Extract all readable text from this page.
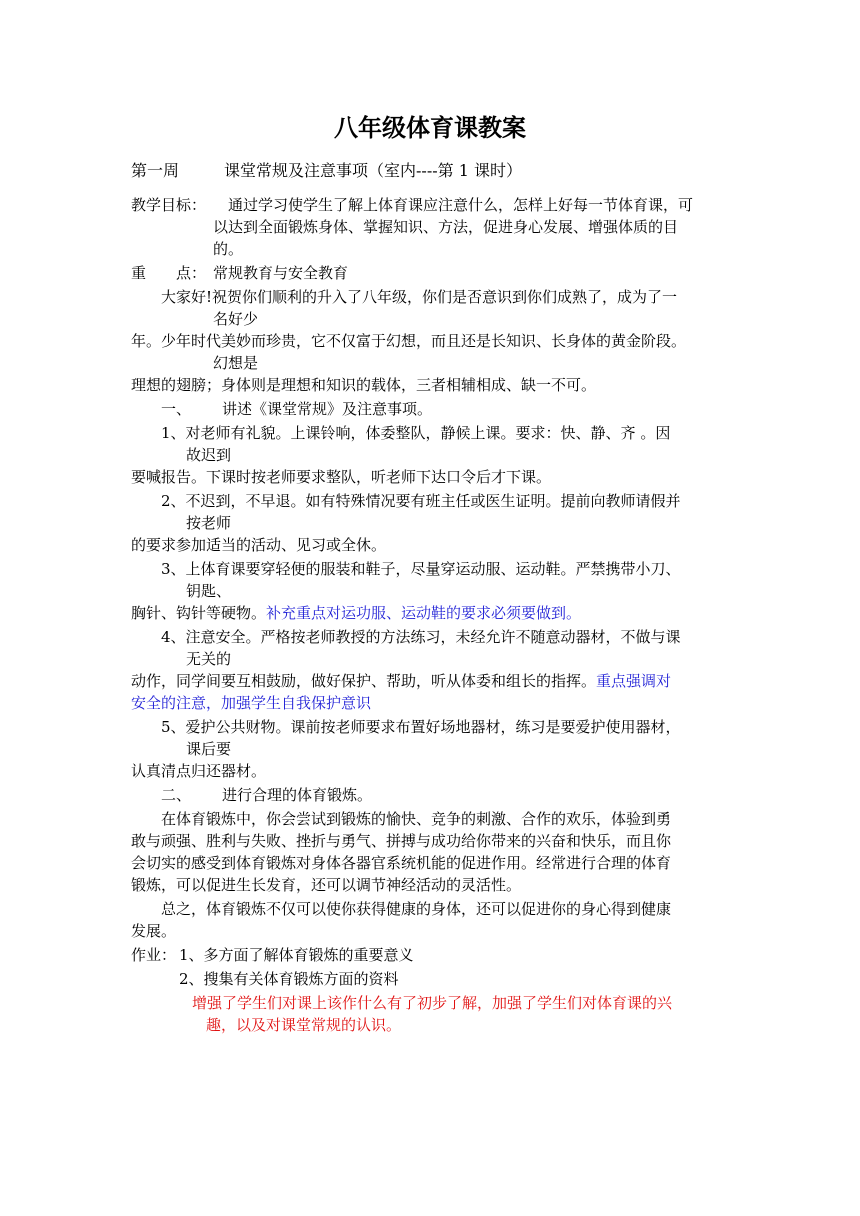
八年级体育课教案
第一周	课堂常规及注意事项（室内----第 1 课时）
教学目标： 通过学习使学生了解上体育课应注意什么，怎样上好每一节体育课，可
以达到全面锻炼身体、掌握知识、方法，促进身心发展、增强体质的目
的。
重　　点： 常规教育与安全教育
大家好!祝贺你们顺利的升入了八年级，你们是否意识到你们成熟了，成为了一
名好少
年。少年时代美妙而珍贵，它不仅富于幻想，而且还是长知识、长身体的黄金阶段。
幻想是
理想的翅膀；身体则是理想和知识的载体，三者相辅相成、缺一不可。
一、 讲述《课堂常规》及注意事项。
1、对老师有礼貌。上课铃响，体委整队，静候上课。要求：快、静、齐 。因
故迟到
要喊报告。下课时按老师要求整队，听老师下达口令后才下课。
2、不迟到，不早退。如有特殊情况要有班主任或医生证明。提前向教师请假并
按老师
的要求参加适当的活动、见习或全休。
3、上体育课要穿轻便的服装和鞋子，尽量穿运动服、运动鞋。严禁携带小刀、
钥匙、
胸针、钩针等硬物。补充重点对运功服、运动鞋的要求必须要做到。
4、注意安全。严格按老师教授的方法练习，未经允许不随意动器材，不做与课
无关的
动作，同学间要互相鼓励，做好保护、帮助，听从体委和组长的指挥。重点强调对
安全的注意，加强学生自我保护意识
5、爱护公共财物。课前按老师要求布置好场地器材，练习是要爱护使用器材，
课后要
认真清点归还器材。
二、 进行合理的体育锻炼。
在体育锻炼中，你会尝试到锻炼的愉快、竞争的刺激、合作的欢乐，体验到勇
敢与顽强、胜利与失败、挫折与勇气、拼搏与成功给你带来的兴奋和快乐，而且你
会切实的感受到体育锻炼对身体各器官系统机能的促进作用。经常进行合理的体育
锻炼，可以促进生长发育，还可以调节神经活动的灵活性。
总之，体育锻炼不仅可以使你获得健康的身体，还可以促进你的身心得到健康
发展。
作业： 1、多方面了解体育锻炼的重要意义
2、搜集有关体育锻炼方面的资料
增强了学生们对课上该作什么有了初步了解，加强了学生们对体育课的兴
趣，以及对课堂常规的认识。
